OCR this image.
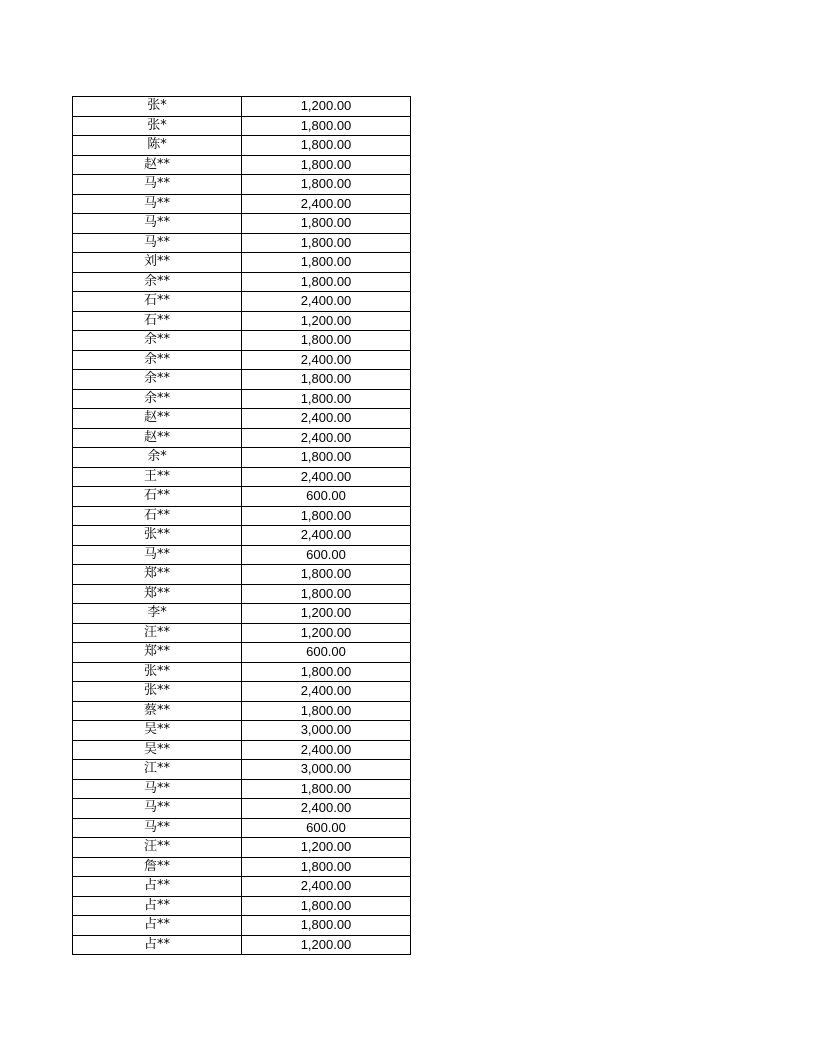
张*	1,200.00
张*	1,800.00
陈*	1,800.00
赵**	1,800.00
马**	1,800.00
马**	2,400.00
马**	1,800.00
马**	1,800.00
刘**	1,800.00
余**	1,800.00
石**	2,400.00
石**	1,200.00
余**	1,800.00
余**	2,400.00
余**	1,800.00
余**	1,800.00
赵**	2,400.00
赵**	2,400.00
余*	1,800.00
王**	2,400.00
石**	600.00
石**	1,800.00
张**	2,400.00
马**	600.00
郑**	1,800.00
郑**	1,800.00
李*	1,200.00
汪**	1,200.00
郑**	600.00
张**	1,800.00
张**	2,400.00
蔡**	1,800.00
吴**	3,000.00
吴**	2,400.00
江**	3,000.00
马**	1,800.00
马**	2,400.00
马**	600.00
汪**	1,200.00
詹**	1,800.00
占**	2,400.00
占**	1,800.00
占**	1,800.00
占**	1,200.00
